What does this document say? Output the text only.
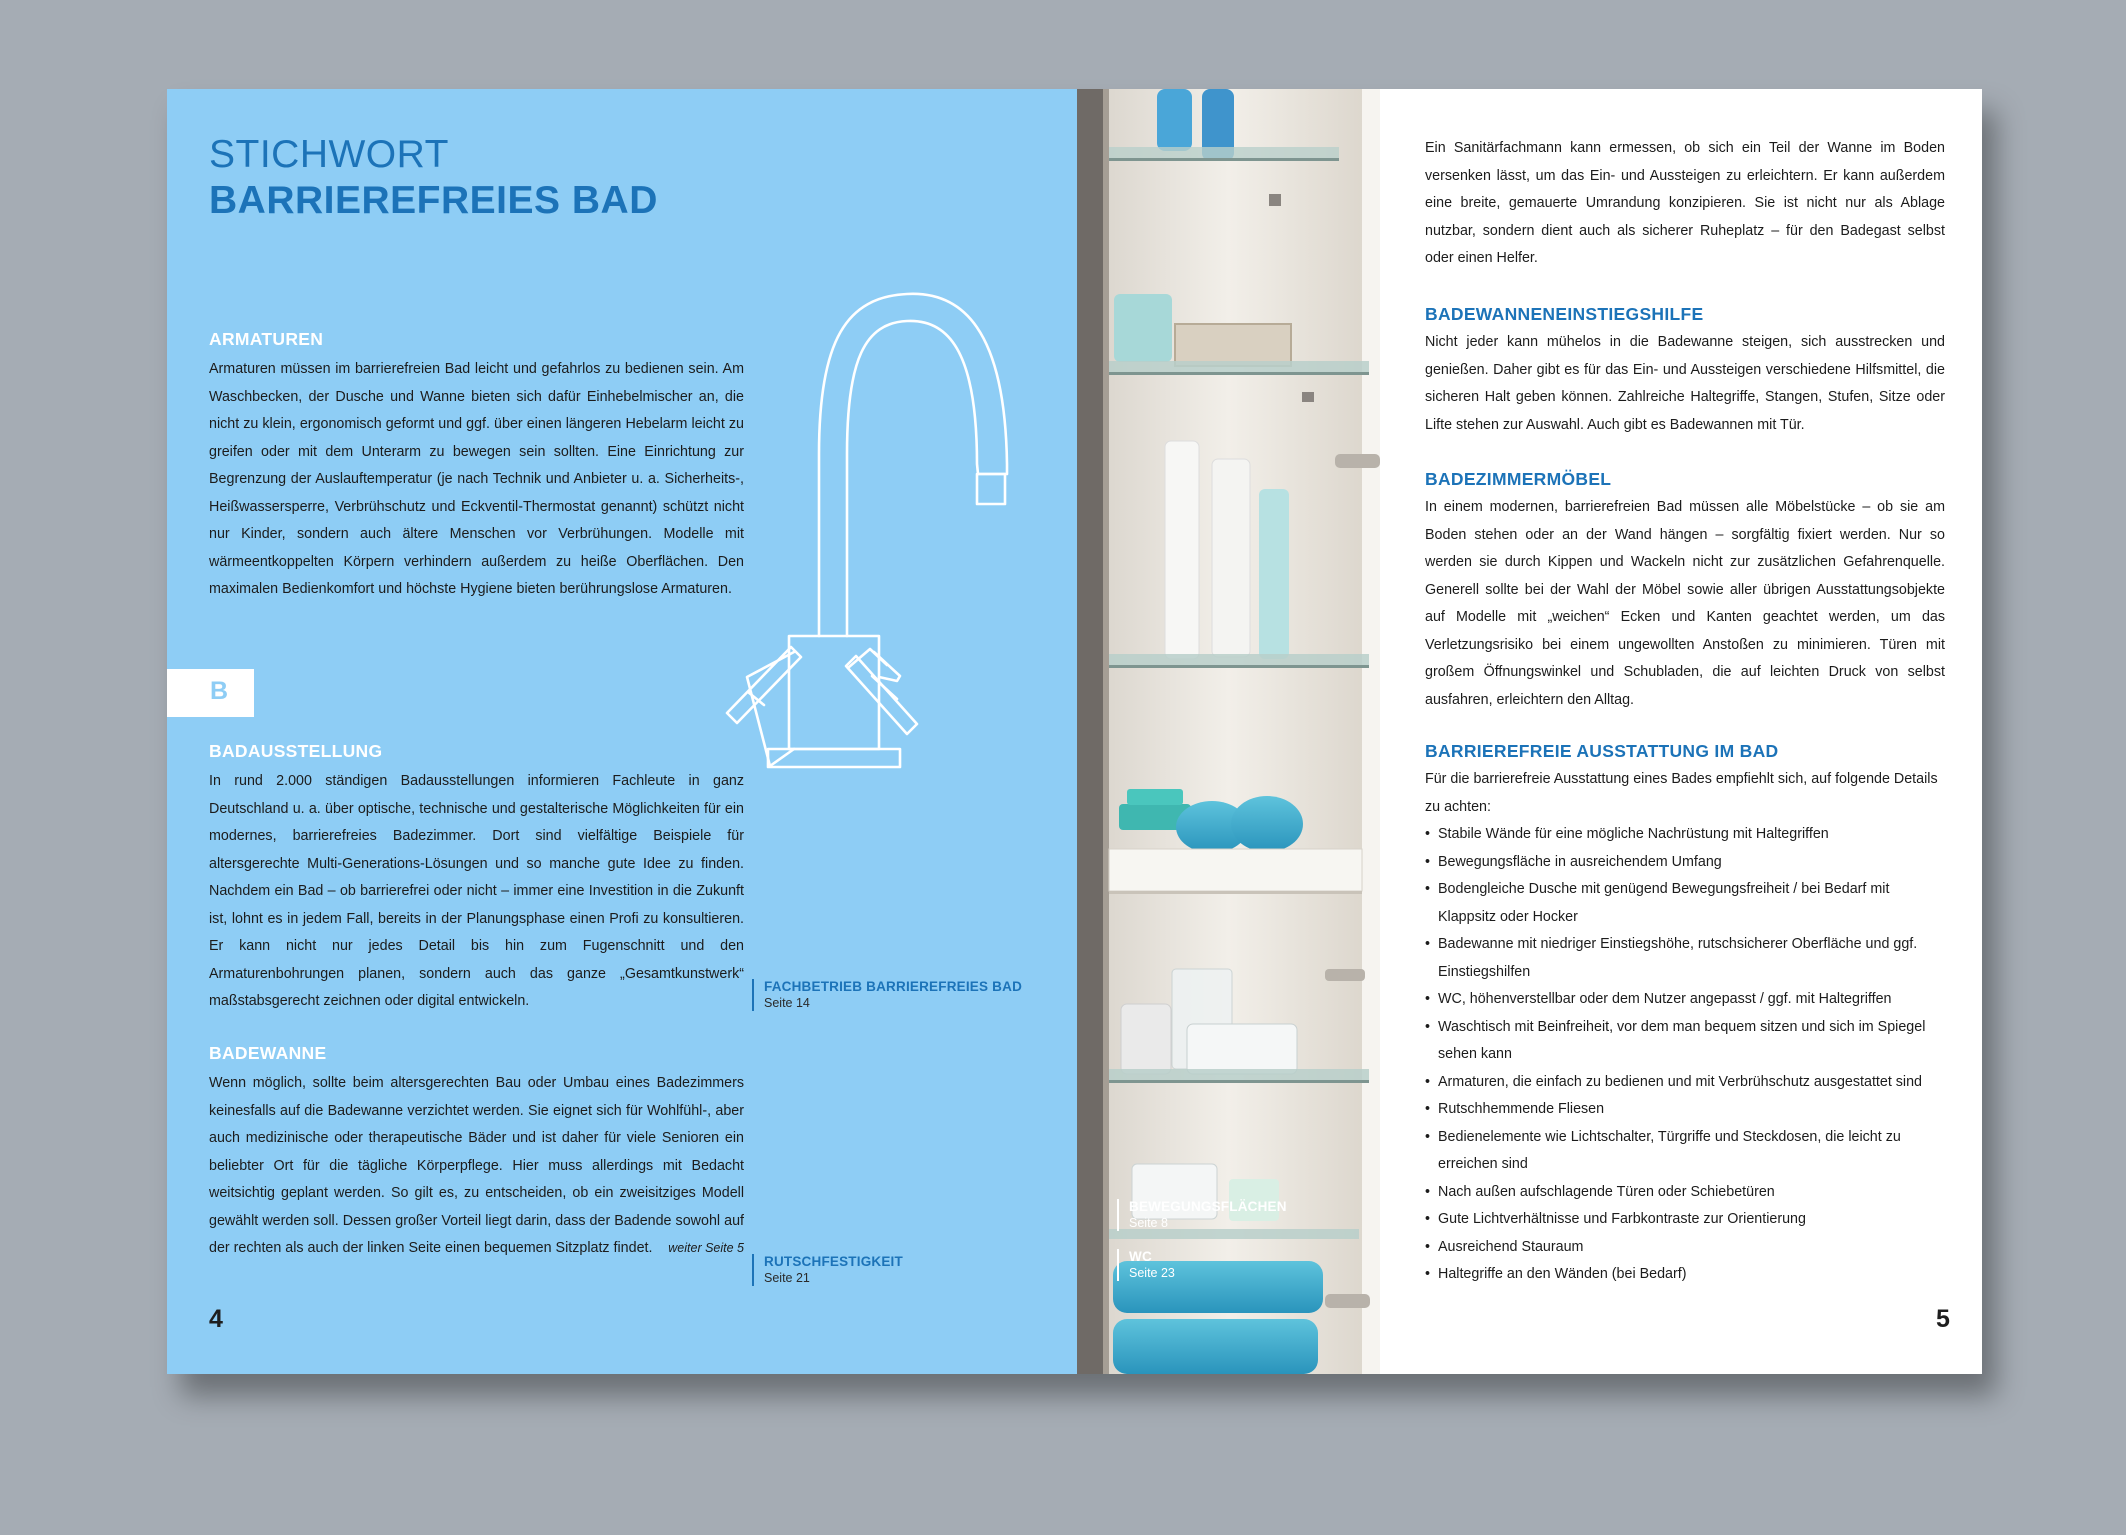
STICHWORT
BARRIEREFREIES BAD
ARMATUREN

Armaturen müssen im barrierefreien Bad leicht und gefahrlos zu bedienen sein. Am Waschbecken, der Dusche und Wanne bieten sich dafür Einhebelmischer an, die nicht zu klein, ergonomisch geformt und ggf. über einen längeren Hebelarm leicht zu greifen oder mit dem Unterarm zu bewegen sein sollten. Eine Einrichtung zur Begrenzung der Auslauftemperatur (je nach Technik und Anbieter u. a. Sicherheits-, Heißwassersperre, Verbrühschutz und Eckventil-Thermostat genannt) schützt nicht nur Kinder, sondern auch ältere Menschen vor Verbrühungen. Modelle mit wärmeentkoppelten Körpern verhindern außerdem zu heiße Oberflächen. Den maximalen Bedienkomfort und höchste Hygiene bieten berührungslose Armaturen.

B
BADAUSSTELLUNG

In rund 2.000 ständigen Badausstellungen informieren Fachleute in ganz Deutschland u. a. über optische, technische und gestalterische Möglichkeiten für ein modernes, barrierefreies Badezimmer. Dort sind vielfältige Beispiele für altersgerechte Multi-Generations-Lösungen und so manche gute Idee zu finden. Nachdem ein Bad – ob barrierefrei oder nicht – immer eine Investition in die Zukunft ist, lohnt es in jedem Fall, bereits in der Planungsphase einen Profi zu konsultieren. Er kann nicht nur jedes Detail bis hin zum Fugenschnitt und den Armaturenbohrungen planen, sondern auch das ganze „Gesamtkunstwerk“ maßstabsgerecht zeichnen oder digital entwickeln.

BADEWANNE

Wenn möglich, sollte beim altersgerechten Bau oder Umbau eines Badezimmers keinesfalls auf die Badewanne verzichtet werden. Sie eignet sich für Wohlfühl-, aber auch medizinische oder therapeutische Bäder und ist daher für viele Senioren ein beliebter Ort für die tägliche Körperpflege. Hier muss allerdings mit Bedacht weitsichtig geplant werden. So gilt es, zu entscheiden, ob ein zweisitziges Modell gewählt werden soll. Dessen großer Vorteil liegt darin, dass der Badende sowohl auf der rechten als auch der linken Seite einen bequemen Sitzplatz findet. weiter Seite 5

FACHBETRIEB BARRIEREFREIES BAD
Seite 14
RUTSCHFESTIGKEIT
Seite 21
4
BEWEGUNGSFLÄCHEN
Seite 8
WC
Seite 23

Ein Sanitärfachmann kann ermessen, ob sich ein Teil der Wanne im Boden versenken lässt, um das Ein- und Aussteigen zu erleichtern. Er kann außerdem eine breite, gemauerte Umrandung konzipieren. Sie ist nicht nur als Ablage nutzbar, sondern dient auch als sicherer Ruheplatz – für den Badegast selbst oder einen Helfer.

BADEWANNENEINSTIEGSHILFE

Nicht jeder kann mühelos in die Badewanne steigen, sich ausstrecken und genießen. Daher gibt es für das Ein- und Aussteigen verschiedene Hilfsmittel, die sicheren Halt geben können. Zahlreiche Haltegriffe, Stangen, Stufen, Sitze oder Lifte stehen zur Auswahl. Auch gibt es Badewannen mit Tür.

BADEZIMMERMÖBEL

In einem modernen, barrierefreien Bad müssen alle Möbelstücke – ob sie am Boden stehen oder an der Wand hängen – sorgfältig fixiert werden. Nur so werden sie durch Kippen und Wackeln nicht zur zusätzlichen Gefahrenquelle. Generell sollte bei der Wahl der Möbel sowie aller übrigen Ausstattungsobjekte auf Modelle mit „weichen“ Ecken und Kanten geachtet werden, um das Verletzungsrisiko bei einem ungewollten Anstoßen zu minimieren. Türen mit großem Öffnungswinkel und Schubladen, die auf leichten Druck von selbst ausfahren, erleichtern den Alltag.

BARRIEREFREIE AUSSTATTUNG IM BAD

Für die barrierefreie Ausstattung eines Bades empfiehlt sich, auf folgende Details zu achten:

• Stabile Wände für eine mögliche Nachrüstung mit Haltegriffen
• Bewegungsfläche in ausreichendem Umfang
• Bodengleiche Dusche mit genügend Bewegungsfreiheit / bei Bedarf mit Klappsitz oder Hocker
• Badewanne mit niedriger Einstiegshöhe, rutschsicherer Oberfläche und ggf. Einstiegshilfen
• WC, höhenverstellbar oder dem Nutzer angepasst / ggf. mit Haltegriffen
• Waschtisch mit Beinfreiheit, vor dem man bequem sitzen und sich im Spiegel sehen kann
• Armaturen, die einfach zu bedienen und mit Verbrühschutz ausgestattet sind
• Rutschhemmende Fliesen
• Bedienelemente wie Lichtschalter, Türgriffe und Steckdosen, die leicht zu erreichen sind
• Nach außen aufschlagende Türen oder Schiebetüren
• Gute Lichtverhältnisse und Farbkontraste zur Orientierung
• Ausreichend Stauraum
• Haltegriffe an den Wänden (bei Bedarf)
5
